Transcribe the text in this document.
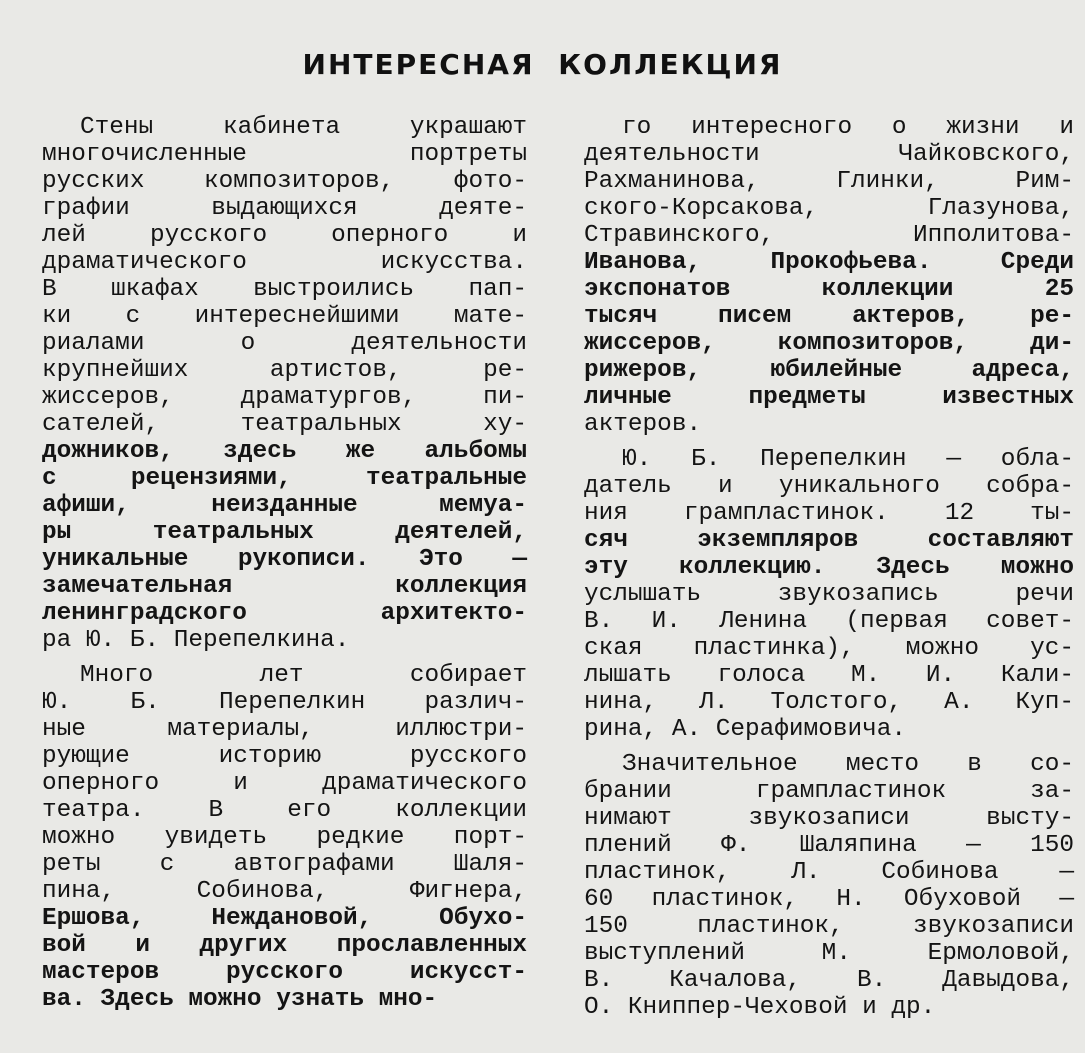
ИНТЕРЕСНАЯ КОЛЛЕКЦИЯ
Стены кабинета украшают
многочисленные портреты
русских композиторов, фото-
графии выдающихся деяте-
лей русского оперного и
драматического искусства.
В шкафах выстроились пап-
ки с интереснейшими мате-
риалами о деятельности
крупнейших артистов, ре-
жиссеров, драматургов, пи-
сателей, театральных ху-
дожников, здесь же альбомы
с рецензиями, театральные
афиши, неизданные мемуа-
ры театральных деятелей,
уникальные рукописи. Это —
замечательная коллекция
ленинградского архитекто-
ра Ю. Б. Перепелкина.
Много лет собирает
Ю. Б. Перепелкин различ-
ные материалы, иллюстри-
рующие историю русского
оперного и драматического
театра. В его коллекции
можно увидеть редкие порт-
реты с автографами Шаля-
пина, Собинова, Фигнера,
Ершова, Неждановой, Обухо-
вой и других прославленных
мастеров русского искусст-
ва. Здесь можно узнать мно-
го интересного о жизни и
деятельности Чайковского,
Рахманинова, Глинки, Рим-
ского-Корсакова, Глазунова,
Стравинского, Ипполитова-
Иванова, Прокофьева. Среди
экспонатов коллекции 25
тысяч писем актеров, ре-
жиссеров, композиторов, ди-
рижеров, юбилейные адреса,
личные предметы известных
актеров.
Ю. Б. Перепелкин — обла-
датель и уникального собра-
ния грампластинок. 12 ты-
сяч экземпляров составляют
эту коллекцию. Здесь можно
услышать звукозапись речи
В. И. Ленина (первая совет-
ская пластинка), можно ус-
лышать голоса М. И. Кали-
нина, Л. Толстого, А. Куп-
рина, А. Серафимовича.
Значительное место в со-
брании грампластинок за-
нимают звукозаписи высту-
плений Ф. Шаляпина — 150
пластинок, Л. Собинова —
60 пластинок, Н. Обуховой —
150 пластинок, звукозаписи
выступлений М. Ермоловой,
В. Качалова, В. Давыдова,
О. Книппер-Чеховой и др.
